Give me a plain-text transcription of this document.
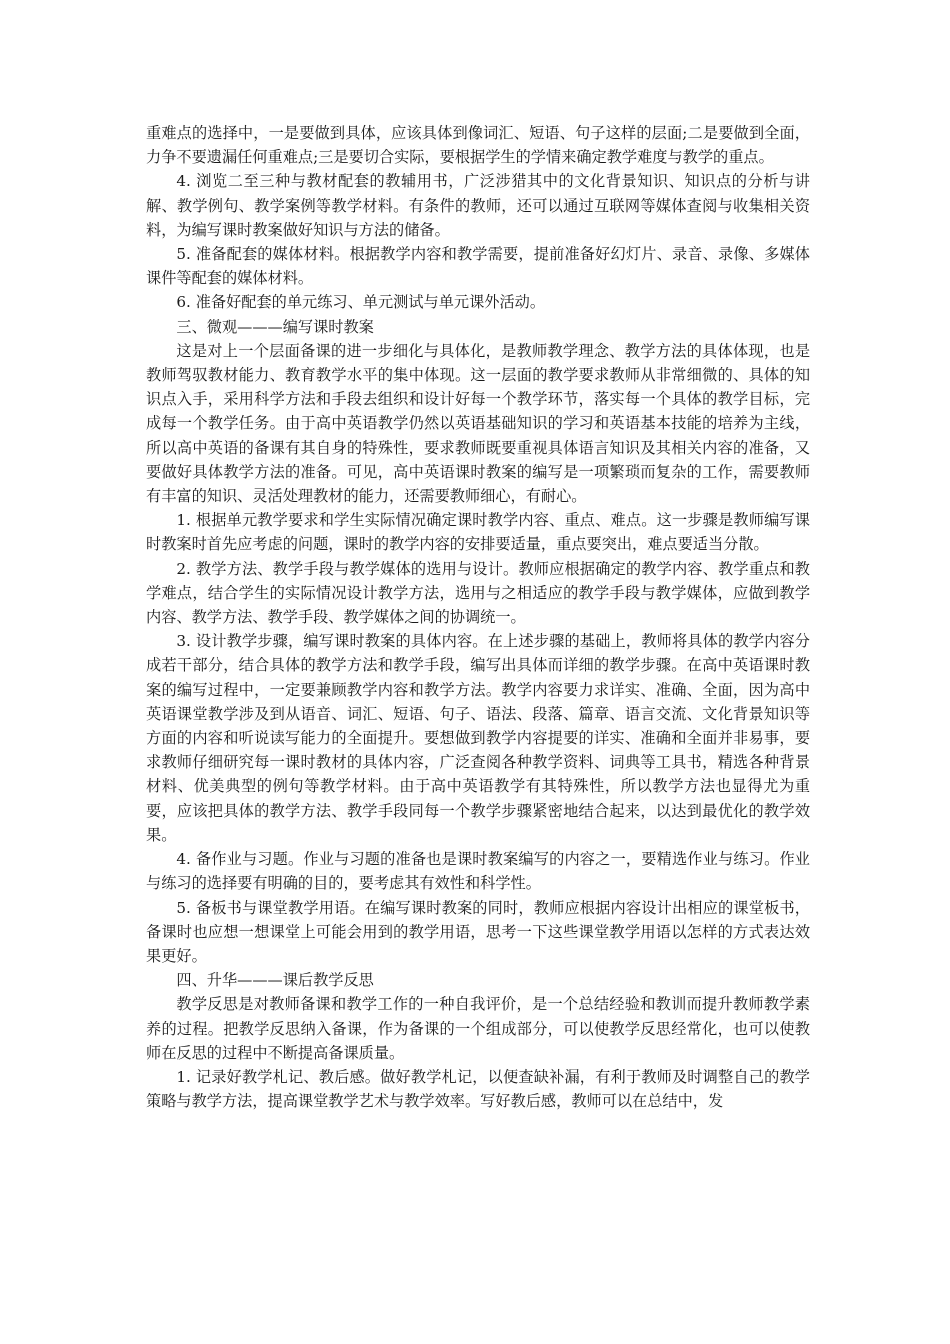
重难点的选择中，一是要做到具体，应该具体到像词汇、短语、句子这样的层面;二是要做到全面，力争不要遗漏任何重难点;三是要切合实际，要根据学生的学情来确定教学难度与教学的重点。

4. 浏览二至三种与教材配套的教辅用书，广泛涉猎其中的文化背景知识、知识点的分析与讲解、教学例句、教学案例等教学材料。有条件的教师，还可以通过互联网等媒体查阅与收集相关资料，为编写课时教案做好知识与方法的储备。

5. 准备配套的媒体材料。根据教学内容和教学需要，提前准备好幻灯片、录音、录像、多媒体课件等配套的媒体材料。

6. 准备好配套的单元练习、单元测试与单元课外活动。

三、微观———编写课时教案

这是对上一个层面备课的进一步细化与具体化，是教师教学理念、教学方法的具体体现，也是教师驾驭教材能力、教育教学水平的集中体现。这一层面的教学要求教师从非常细微的、具体的知识点入手，采用科学方法和手段去组织和设计好每一个教学环节，落实每一个具体的教学目标，完成每一个教学任务。由于高中英语教学仍然以英语基础知识的学习和英语基本技能的培养为主线，所以高中英语的备课有其自身的特殊性，要求教师既要重视具体语言知识及其相关内容的准备，又要做好具体教学方法的准备。可见，高中英语课时教案的编写是一项繁琐而复杂的工作，需要教师有丰富的知识、灵活处理教材的能力，还需要教师细心，有耐心。

1. 根据单元教学要求和学生实际情况确定课时教学内容、重点、难点。这一步骤是教师编写课时教案时首先应考虑的问题，课时的教学内容的安排要适量，重点要突出，难点要适当分散。

2. 教学方法、教学手段与教学媒体的选用与设计。教师应根据确定的教学内容、教学重点和教学难点，结合学生的实际情况设计教学方法，选用与之相适应的教学手段与教学媒体，应做到教学内容、教学方法、教学手段、教学媒体之间的协调统一。

3. 设计教学步骤，编写课时教案的具体内容。在上述步骤的基础上，教师将具体的教学内容分成若干部分，结合具体的教学方法和教学手段，编写出具体而详细的教学步骤。在高中英语课时教案的编写过程中，一定要兼顾教学内容和教学方法。教学内容要力求详实、准确、全面，因为高中英语课堂教学涉及到从语音、词汇、短语、句子、语法、段落、篇章、语言交流、文化背景知识等方面的内容和听说读写能力的全面提升。要想做到教学内容提要的详实、准确和全面并非易事，要求教师仔细研究每一课时教材的具体内容，广泛查阅各种教学资料、词典等工具书，精选各种背景材料、优美典型的例句等教学材料。由于高中英语教学有其特殊性，所以教学方法也显得尤为重要，应该把具体的教学方法、教学手段同每一个教学步骤紧密地结合起来，以达到最优化的教学效果。

4. 备作业与习题。作业与习题的准备也是课时教案编写的内容之一，要精选作业与练习。作业与练习的选择要有明确的目的，要考虑其有效性和科学性。

5. 备板书与课堂教学用语。在编写课时教案的同时，教师应根据内容设计出相应的课堂板书，备课时也应想一想课堂上可能会用到的教学用语，思考一下这些课堂教学用语以怎样的方式表达效果更好。

四、升华———课后教学反思

教学反思是对教师备课和教学工作的一种自我评价，是一个总结经验和教训而提升教师教学素养的过程。把教学反思纳入备课，作为备课的一个组成部分，可以使教学反思经常化，也可以使教师在反思的过程中不断提高备课质量。

1. 记录好教学札记、教后感。做好教学札记，以便查缺补漏，有利于教师及时调整自己的教学策略与教学方法，提高课堂教学艺术与教学效率。写好教后感，教师可以在总结中，发
